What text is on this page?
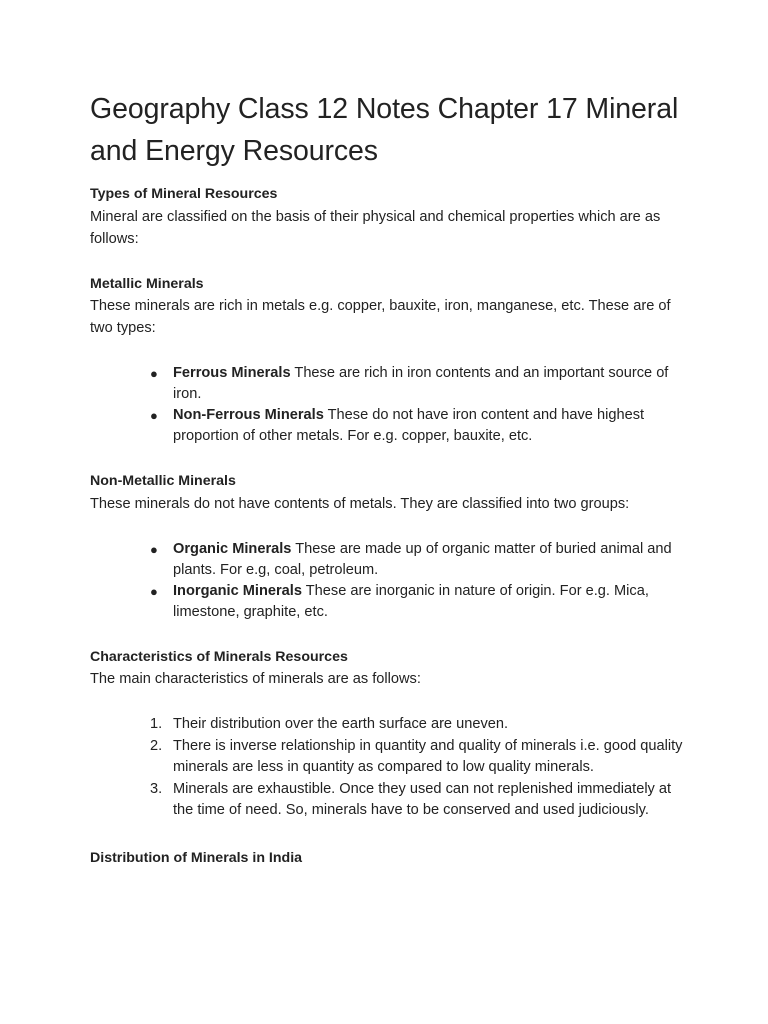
Geography Class 12 Notes Chapter 17 Mineral and Energy Resources

Types of Mineral Resources

Mineral are classified on the basis of their physical and chemical properties which are as follows:

Metallic Minerals

These minerals are rich in metals e.g. copper, bauxite, iron, manganese, etc. These are of two types:

● Ferrous Minerals These are rich in iron contents and an important source of iron.
● Non-Ferrous Minerals These do not have iron content and have highest proportion of other metals. For e.g. copper, bauxite, etc.

Non-Metallic Minerals

These minerals do not have contents of metals. They are classified into two groups:

● Organic Minerals These are made up of organic matter of buried animal and plants. For e.g, coal, petroleum.
● Inorganic Minerals These are inorganic in nature of origin. For e.g. Mica, limestone, graphite, etc.

Characteristics of Minerals Resources

The main characteristics of minerals are as follows:

1. Their distribution over the earth surface are uneven.
2. There is inverse relationship in quantity and quality of minerals i.e. good quality minerals are less in quantity as compared to low quality minerals.
3. Minerals are exhaustible. Once they used can not replenished immediately at the time of need. So, minerals have to be conserved and used judiciously.

Distribution of Minerals in India
